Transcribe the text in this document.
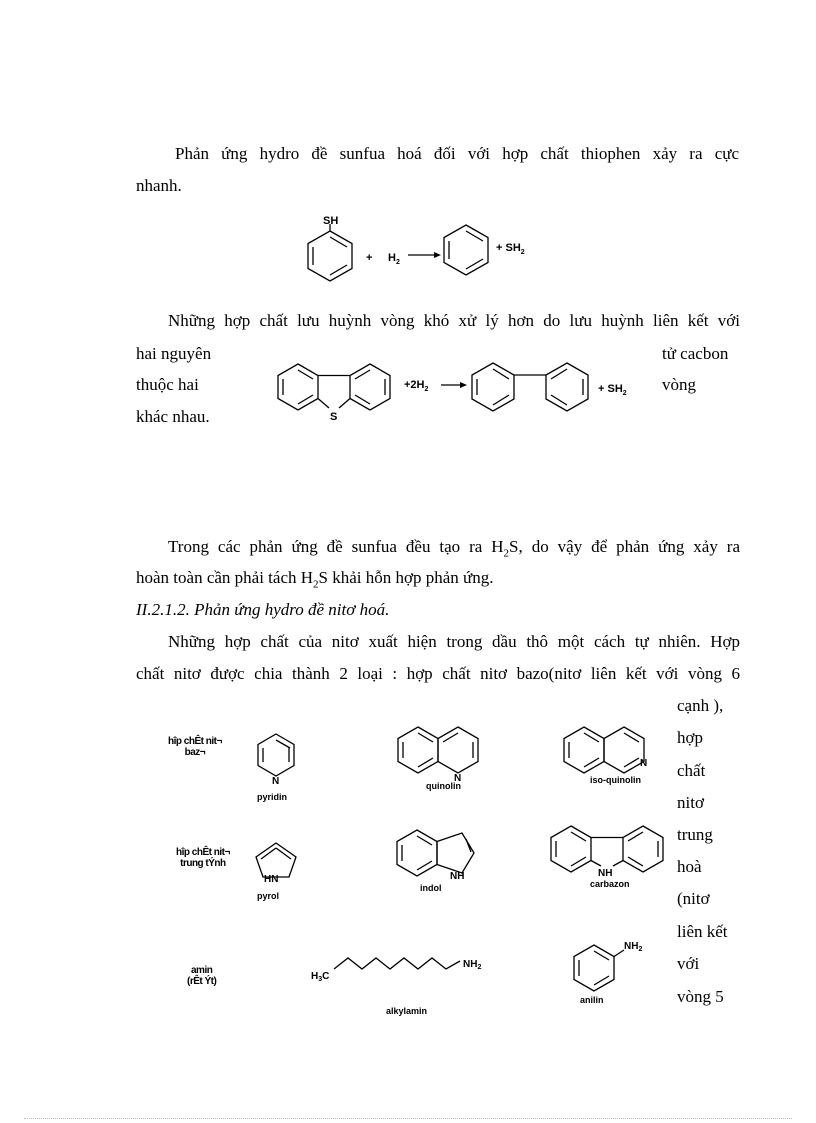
Phản ứng hydro đề sunfua hoá đối với hợp chất thiophen xảy ra cực
nhanh.
SH
+ $H_2$
+ $SH_2$
Những hợp chất lưu huỳnh vòng khó xử lý hơn do lưu huỳnh liên kết với
hai nguyên	tử cacbon
thuộc hai	vòng
khác nhau.	S
$+2H_2$	+ $SH_2$
Trong các phản ứng đề sunfua đều tạo ra $H_2S$, do vậy để phản ứng xảy ra
hoàn toàn cần phải tách $H_2S$ khải hỗn hợp phản ứng.
II.2.1.2. Phản ứng hydro đề nitơ hoá.
Những hợp chất của nitơ xuất hiện trong dầu thô một cách tự nhiên. Hợp
chất nitơ được chia thành 2 loại : hợp chất nitơ bazo(nitơ liên kết với vòng 6
cạnh ),
hợp
chất
nitơ
trung
hoà
(nitơ
liên kết
với
vòng 5
hîp chÊt nit¬
baz¬
hîp chÊt nit¬
trung tÝnh
amin
(rÊt Ýt)
N
pyridin
N
quinolin
N
iso-quinolin
HN
pyrol
NH
indol
NH
carbazon
$H_3C$
$NH_2$
alkylamin
$NH_2$
anilin
